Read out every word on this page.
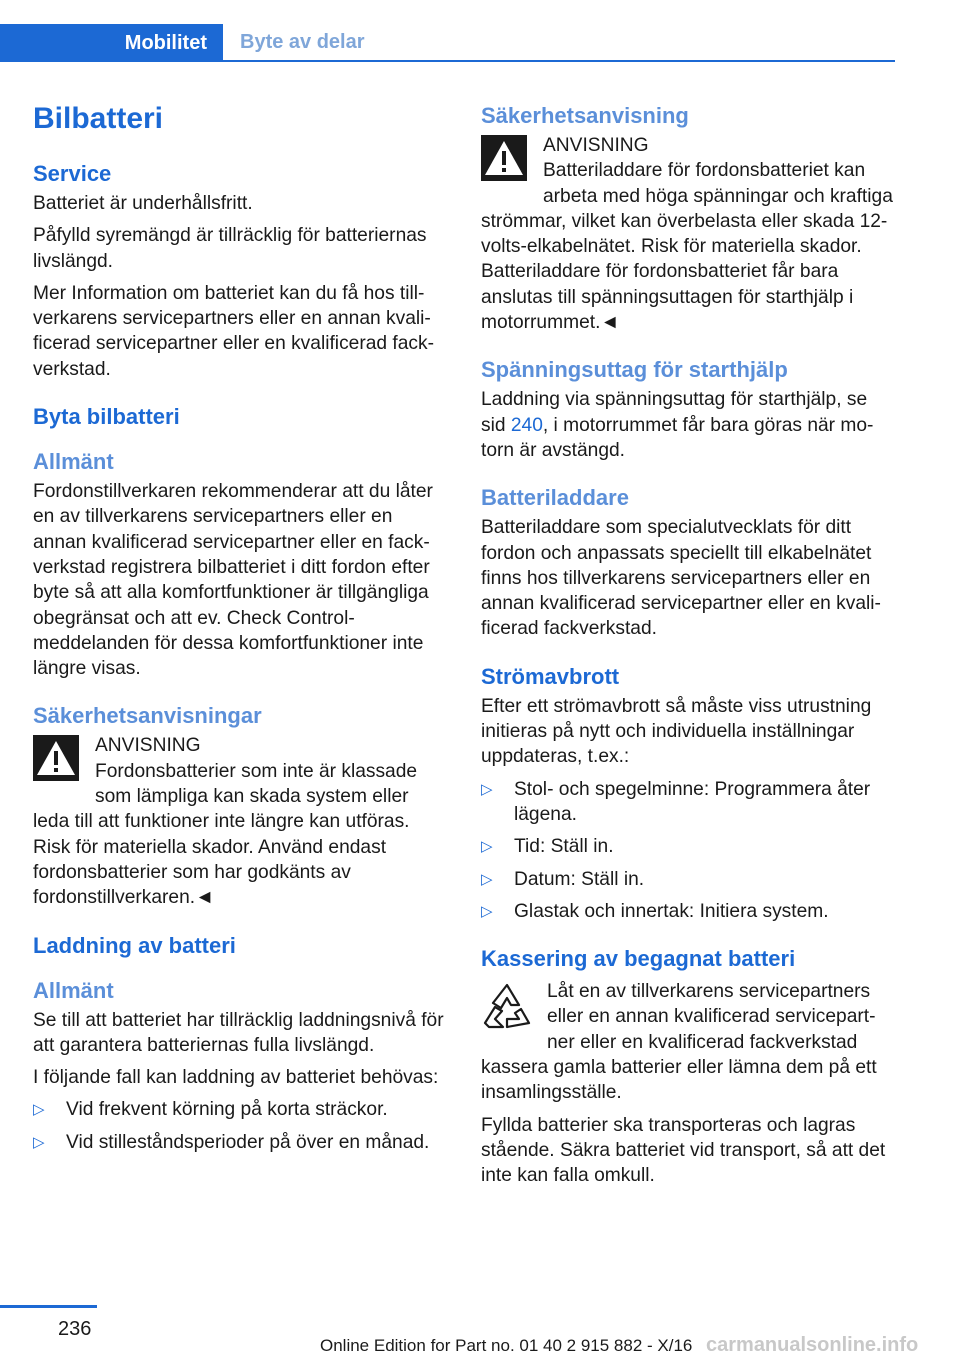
Mobilitet	Byte av delar
Bilbatteri
Service

Batteriet är underhållsfritt.

Påfylld syremängd är tillräcklig för batteriernas livslängd.

Mer Information om batteriet kan du få hos tillverkarens servicepartners eller en annan kvalificerad servicepartner eller en kvalificerad fackverkstad.

Byta bilbatteri
Allmänt

Fordonstillverkaren rekommenderar att du låter en av tillverkarens servicepartners eller en annan kvalificerad servicepartner eller en fackverkstad registrera bilbatteriet i ditt fordon efter byte så att alla komfortfunktioner är tillgängliga obegränsat och att ev. Check Control-meddelanden för dessa komfortfunktioner inte längre visas.

Säkerhetsanvisningar
ANVISNING
Fordonsbatterier som inte är klassade som lämpliga kan skada system eller leda till att funktioner inte längre kan utföras. Risk för materiella skador. Använd endast fordonsbatterier som har godkänts av fordonstillverkaren.◄
Laddning av batteri
Allmänt

Se till att batteriet har tillräcklig laddningsnivå för att garantera batteriernas fulla livslängd.

I följande fall kan laddning av batteriet behövas:

▷ Vid frekvent körning på korta sträckor.
▷ Vid stilleståndsperioder på över en månad.
Säkerhetsanvisning
ANVISNING
Batteriladdare för fordonsbatteriet kan arbeta med höga spänningar och kraftiga strömmar, vilket kan överbelasta eller skada 12-volts-elkabelnätet. Risk för materiella skador. Batteriladdare för fordonsbatteriet får bara anslutas till spänningsuttagen för starthjälp i motorrummet.◄
Spänningsuttag för starthjälp

Laddning via spänningsuttag för starthjälp, se sid 240, i motorrummet får bara göras när motorn är avstängd.

Batteriladdare

Batteriladdare som specialutvecklats för ditt fordon och anpassats speciellt till elkabelnätet finns hos tillverkarens servicepartners eller en annan kvalificerad servicepartner eller en kvalificerad fackverkstad.

Strömavbrott

Efter ett strömavbrott så måste viss utrustning initieras på nytt och individuella inställningar uppdateras, t.ex.:

▷ Stol- och spegelminne: Programmera åter lägena.
▷ Tid: Ställ in.
▷ Datum: Ställ in.
▷ Glastak och innertak: Initiera system.
Kassering av begagnat batteri

Låt en av tillverkarens servicepartners eller en annan kvalificerad servicepartner eller en kvalificerad fackverkstad kassera gamla batterier eller lämna dem på ett insamlingsställe.

Fyllda batterier ska transporteras och lagras stående. Säkra batteriet vid transport, så att det inte kan falla omkull.

236
Online Edition for Part no. 01 40 2 915 882 - X/16 carmanualsonline.info
